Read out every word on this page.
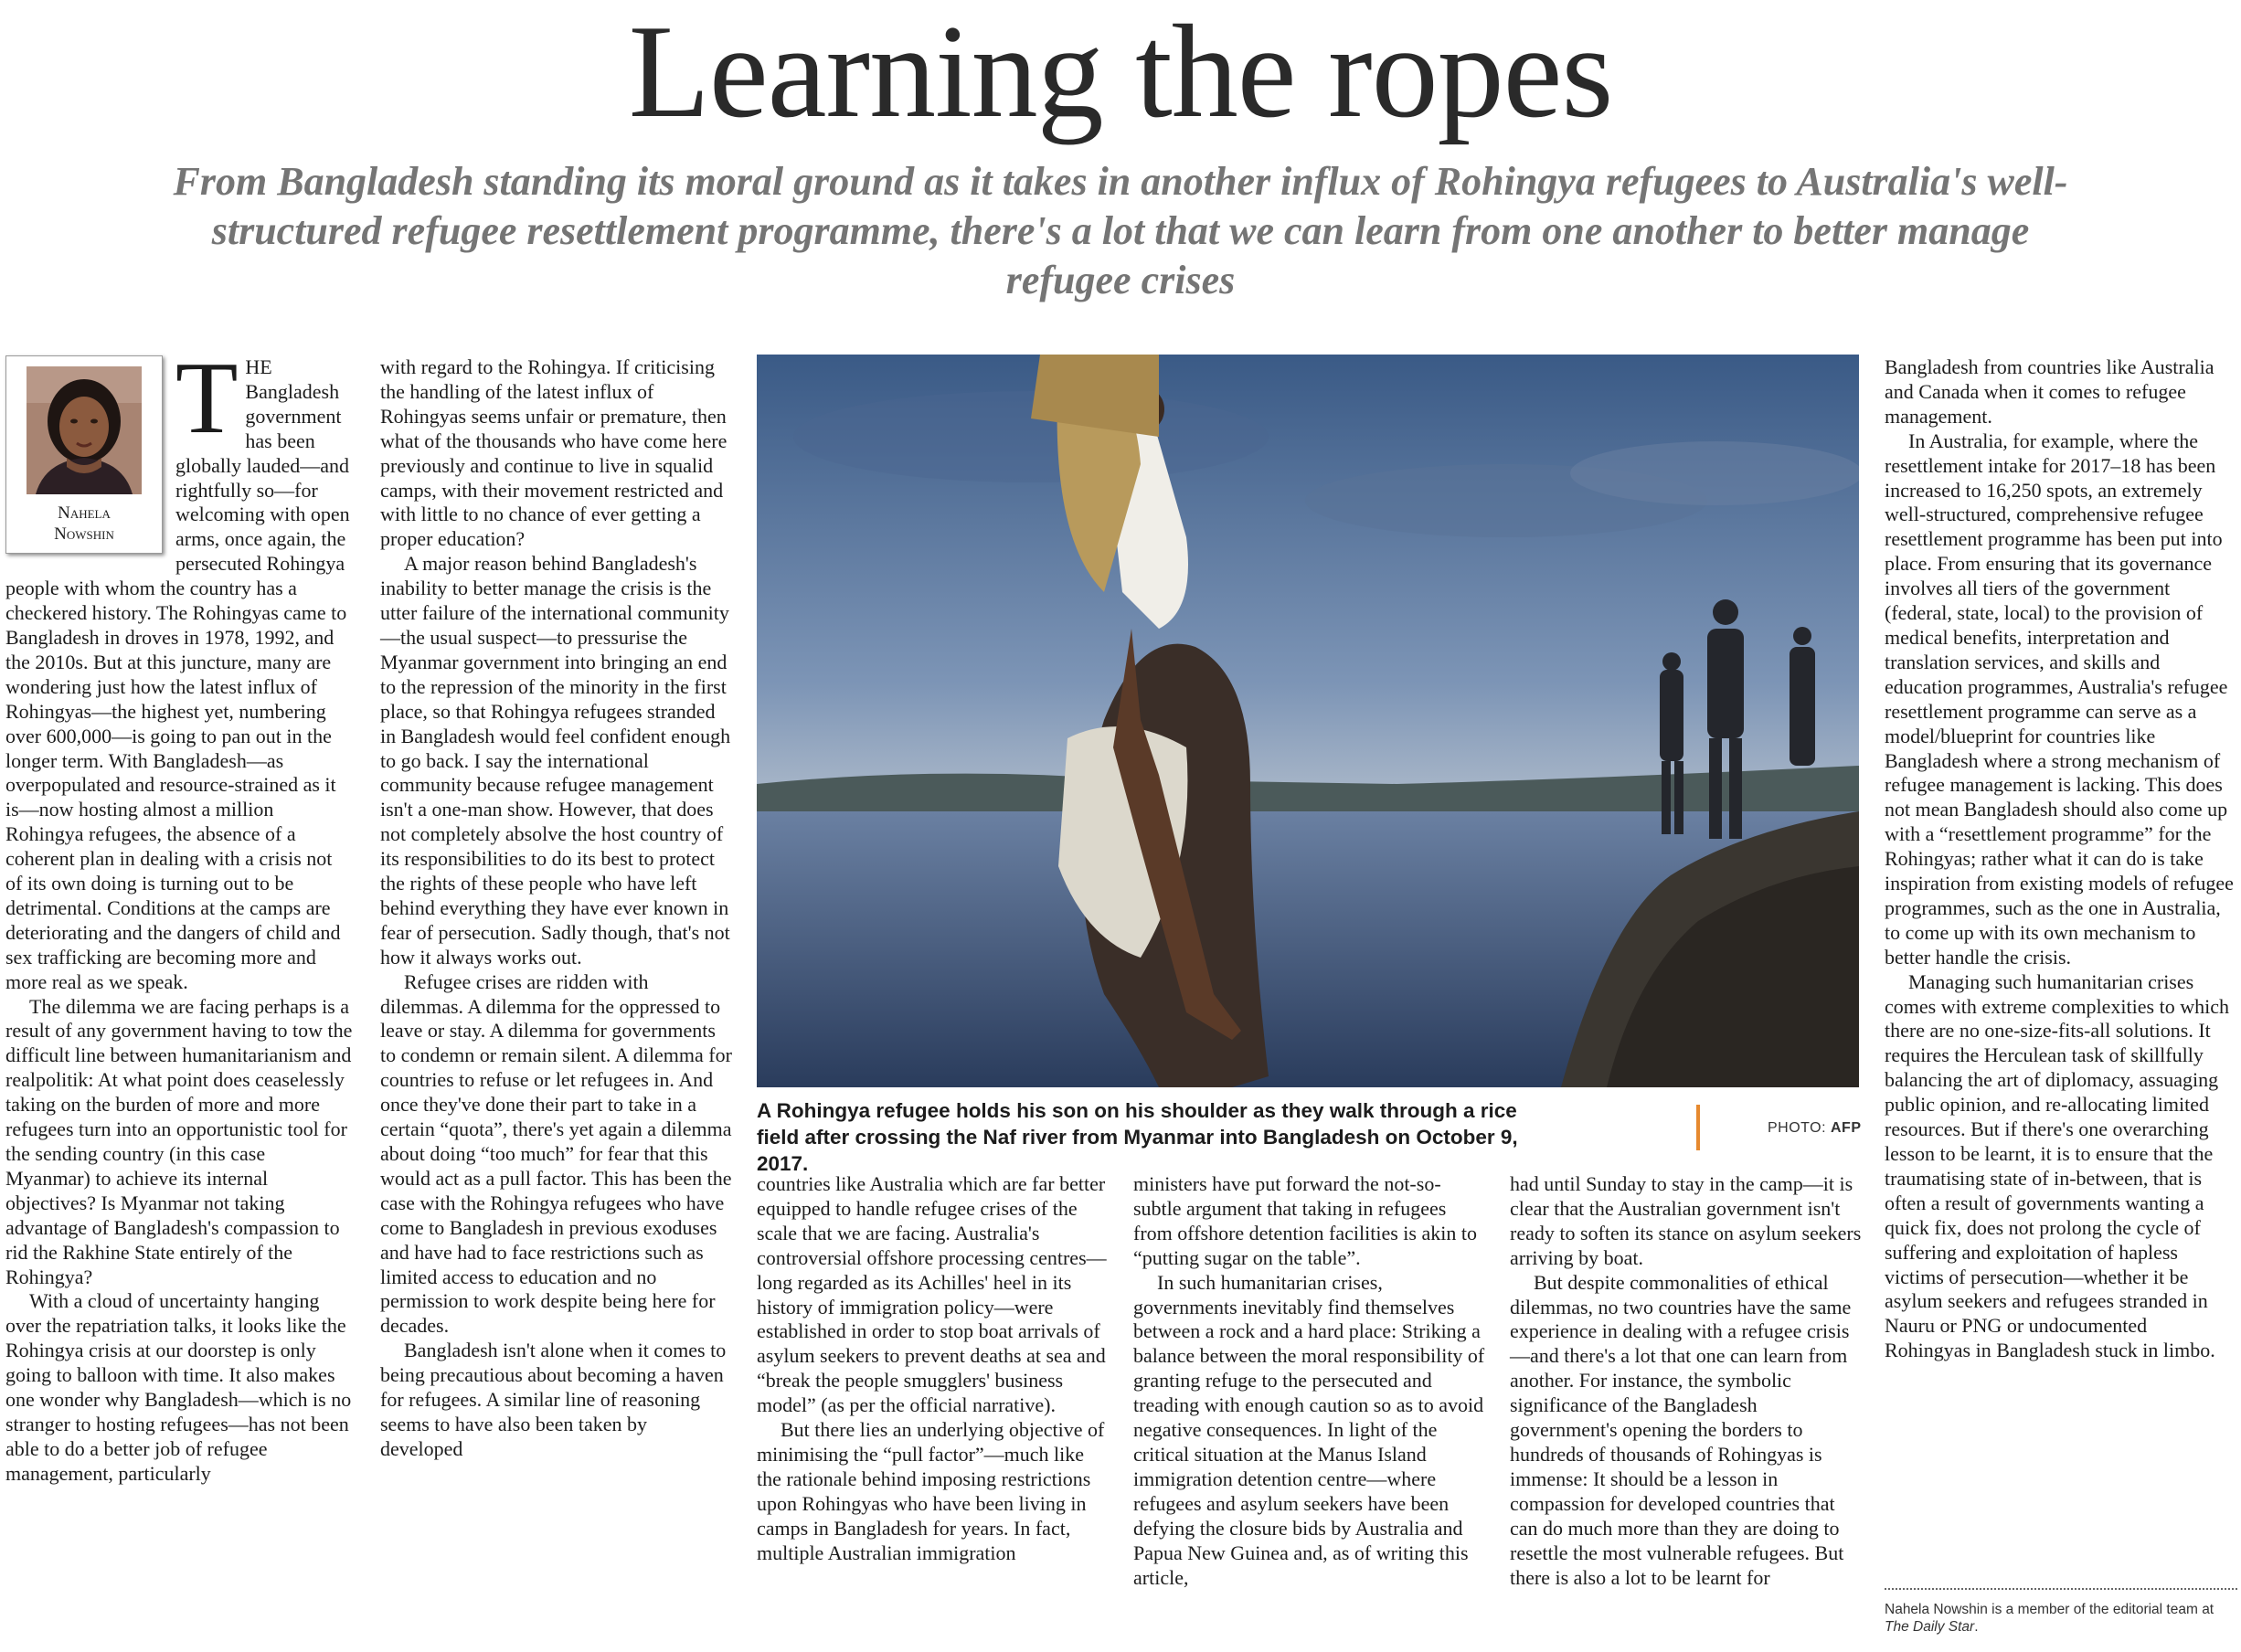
Learning the ropes
From Bangladesh standing its moral ground as it takes in another influx of Rohingya refugees to Australia's well-structured refugee resettlement programme, there's a lot that we can learn from one another to better manage refugee crises
Nahela
Nowshin
T HE Bangladesh government has been globally lauded—and rightfully so—for welcoming with open arms, once again, the persecuted Rohingya people with whom the country has a checkered history. The Rohingyas came to Bangladesh in droves in 1978, 1992, and the 2010s. But at this juncture, many are wondering just how the latest influx of Rohingyas—the highest yet, numbering over 600,000—is going to pan out in the longer term. With Bangladesh—as overpopulated and resource-strained as it is—now hosting almost a million Rohingya refugees, the absence of a coherent plan in dealing with a crisis not of its own doing is turning out to be detrimental. Conditions at the camps are deteriorating and the dangers of child and sex trafficking are becoming more and more real as we speak.

The dilemma we are facing perhaps is a result of any government having to tow the difficult line between humanitarianism and realpolitik: At what point does ceaselessly taking on the burden of more and more refugees turn into an opportunistic tool for the sending country (in this case Myanmar) to achieve its internal objectives? Is Myanmar not taking advantage of Bangladesh's compassion to rid the Rakhine State entirely of the Rohingya?

With a cloud of uncertainty hanging over the repatriation talks, it looks like the Rohingya crisis at our doorstep is only going to balloon with time. It also makes one wonder why Bangladesh—which is no stranger to hosting refugees—has not been able to do a better job of refugee management, particularly

with regard to the Rohingya. If criticising the handling of the latest influx of Rohingyas seems unfair or premature, then what of the thousands who have come here previously and continue to live in squalid camps, with their movement restricted and with little to no chance of ever getting a proper education?

A major reason behind Bangladesh's inability to better manage the crisis is the utter failure of the international community—the usual suspect—to pressurise the Myanmar government into bringing an end to the repression of the minority in the first place, so that Rohingya refugees stranded in Bangladesh would feel confident enough to go back. I say the international community because refugee management isn't a one-man show. However, that does not completely absolve the host country of its responsibilities to do its best to protect the rights of these people who have left behind everything they have ever known in fear of persecution. Sadly though, that's not how it always works out.

Refugee crises are ridden with dilemmas. A dilemma for the oppressed to leave or stay. A dilemma for governments to condemn or remain silent. A dilemma for countries to refuse or let refugees in. And once they've done their part to take in a certain “quota”, there's yet again a dilemma about doing “too much” for fear that this would act as a pull factor. This has been the case with the Rohingya refugees who have come to Bangladesh in previous exoduses and have had to face restrictions such as limited access to education and no permission to work despite being here for decades.

Bangladesh isn't alone when it comes to being precautious about becoming a haven for refugees. A similar line of reasoning seems to have also been taken by developed

A Rohingya refugee holds his son on his shoulder as they walk through a rice field after crossing the Naf river from Myanmar into Bangladesh on October 9, 2017.
PHOTO: AFP

countries like Australia which are far better equipped to handle refugee crises of the scale that we are facing. Australia's controversial offshore processing centres—long regarded as its Achilles' heel in its history of immigration policy—were established in order to stop boat arrivals of asylum seekers to prevent deaths at sea and “break the people smugglers' business model” (as per the official narrative).

But there lies an underlying objective of minimising the “pull factor”—much like the rationale behind imposing restrictions upon Rohingyas who have been living in camps in Bangladesh for years. In fact, multiple Australian immigration

ministers have put forward the not-so-subtle argument that taking in refugees from offshore detention facilities is akin to “putting sugar on the table”.

In such humanitarian crises, governments inevitably find themselves between a rock and a hard place: Striking a balance between the moral responsibility of granting refuge to the persecuted and treading with enough caution so as to avoid negative consequences. In light of the critical situation at the Manus Island immigration detention centre—where refugees and asylum seekers have been defying the closure bids by Australia and Papua New Guinea and, as of writing this article,

had until Sunday to stay in the camp—it is clear that the Australian government isn't ready to soften its stance on asylum seekers arriving by boat.

But despite commonalities of ethical dilemmas, no two countries have the same experience in dealing with a refugee crisis—and there's a lot that one can learn from another. For instance, the symbolic significance of the Bangladesh government's opening the borders to hundreds of thousands of Rohingyas is immense: It should be a lesson in compassion for developed countries that can do much more than they are doing to resettle the most vulnerable refugees. But there is also a lot to be learnt for

Bangladesh from countries like Australia and Canada when it comes to refugee management.

In Australia, for example, where the resettlement intake for 2017–18 has been increased to 16,250 spots, an extremely well-structured, comprehensive refugee resettlement programme has been put into place. From ensuring that its governance involves all tiers of the government (federal, state, local) to the provision of medical benefits, interpretation and translation services, and skills and education programmes, Australia's refugee resettlement programme can serve as a model/blueprint for countries like Bangladesh where a strong mechanism of refugee management is lacking. This does not mean Bangladesh should also come up with a “resettlement programme” for the Rohingyas; rather what it can do is take inspiration from existing models of refugee programmes, such as the one in Australia, to come up with its own mechanism to better handle the crisis.

Managing such humanitarian crises comes with extreme complexities to which there are no one-size-fits-all solutions. It requires the Herculean task of skillfully balancing the art of diplomacy, assuaging public opinion, and re-allocating limited resources. But if there's one overarching lesson to be learnt, it is to ensure that the traumatising state of in-between, that is often a result of governments wanting a quick fix, does not prolong the cycle of suffering and exploitation of hapless victims of persecution—whether it be asylum seekers and refugees stranded in Nauru or PNG or undocumented Rohingyas in Bangladesh stuck in limbo.

Nahela Nowshin is a member of the editorial team at The Daily Star.
